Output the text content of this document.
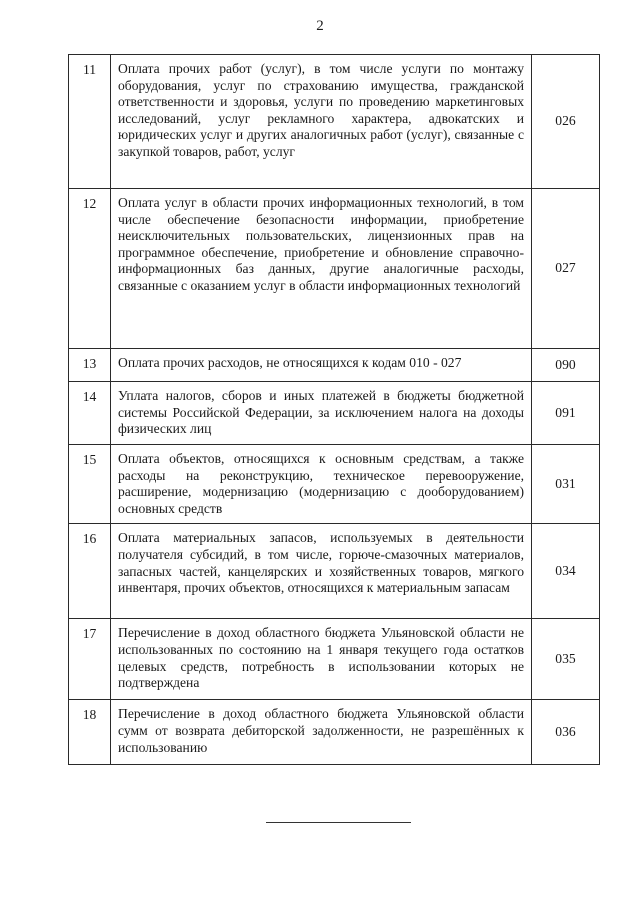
2
11	Оплата прочих работ (услуг), в том числе услуги по монтажу оборудования, услуг по страхованию имущества, гражданской ответственности и здоровья, услуги по проведению маркетинговых исследований, услуг рекламного характера, адвокатских и юридических услуг и других аналогичных работ (услуг), связанные с закупкой товаров, работ, услуг	026
12	Оплата услуг в области прочих информационных технологий, в том числе обеспечение безопасности информации, приобретение неисключительных пользовательских, лицензионных прав на программное обеспечение, приобретение и обновление справочно-информационных баз данных, другие аналогичные расходы, связанные с оказанием услуг в области информационных технологий	027
13	Оплата прочих расходов, не относящихся к кодам 010 - 027	090
14	Уплата налогов, сборов и иных платежей в бюджеты бюджетной системы Российской Федерации, за исключением налога на доходы физических лиц	091
15	Оплата объектов, относящихся к основным средствам, а также расходы на реконструкцию, техническое перевооружение, расширение, модернизацию (модернизацию с дооборудованием) основных средств	031
16	Оплата материальных запасов, используемых в деятельности получателя субсидий, в том числе, горюче-смазочных материалов, запасных частей, канцелярских и хозяйственных товаров, мягкого инвентаря, прочих объектов, относящихся к материальным запасам	034
17	Перечисление в доход областного бюджета Ульяновской области не использованных по состоянию на 1 января текущего года остатков целевых средств, потребность в использовании которых не подтверждена	035
18	Перечисление в доход областного бюджета Ульяновской области сумм от возврата дебиторской задолженности, не разрешённых к использованию	036
